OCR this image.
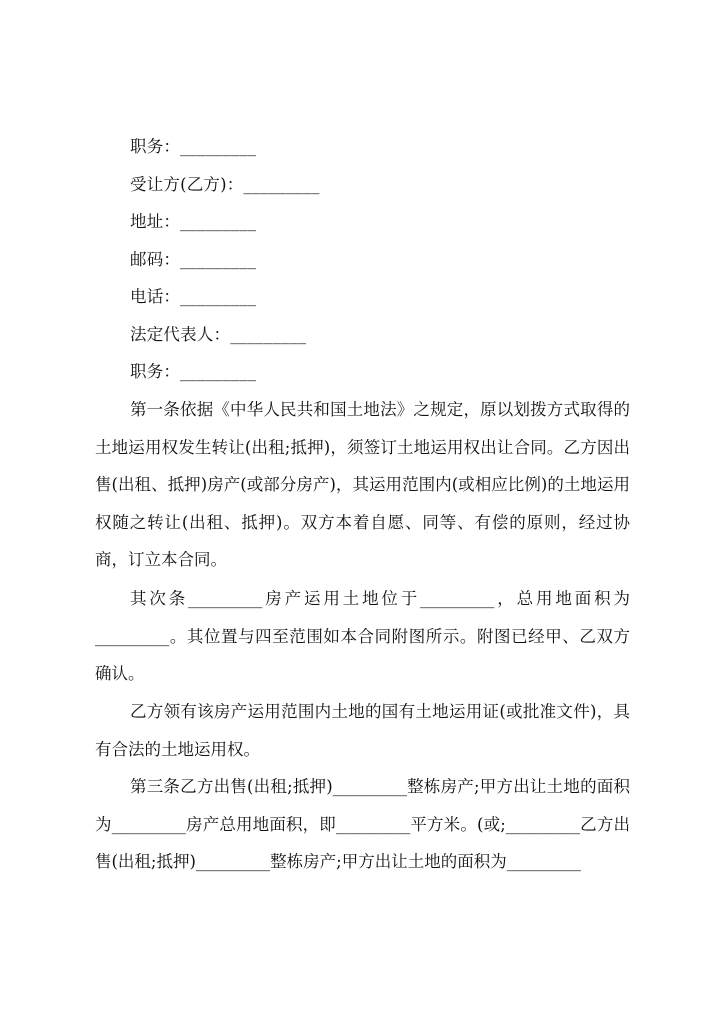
职务：_________
受让方(乙方)：_________
地址：_________
邮码：_________
电话：_________
法定代表人：_________
职务：_________
第一条依据《中华人民共和国土地法》之规定，原以划拨方式取得的土地运用权发生转让(出租;抵押)，须签订土地运用权出让合同。乙方因出售(出租、抵押)房产(或部分房产)，其运用范围内(或相应比例)的土地运用权随之转让(出租、抵押)。双方本着自愿、同等、有偿的原则，经过协商，订立本合同。
其次条_________房产运用土地位于_________，总用地面积为_________。其位置与四至范围如本合同附图所示。附图已经甲、乙双方确认。
乙方领有该房产运用范围内土地的国有土地运用证(或批准文件)，具有合法的土地运用权。
第三条乙方出售(出租;抵押)_________整栋房产;甲方出让土地的面积为_________房产总用地面积，即_________平方米。(或;_________乙方出售(出租;抵押)_________整栋房产;甲方出让土地的面积为_________
